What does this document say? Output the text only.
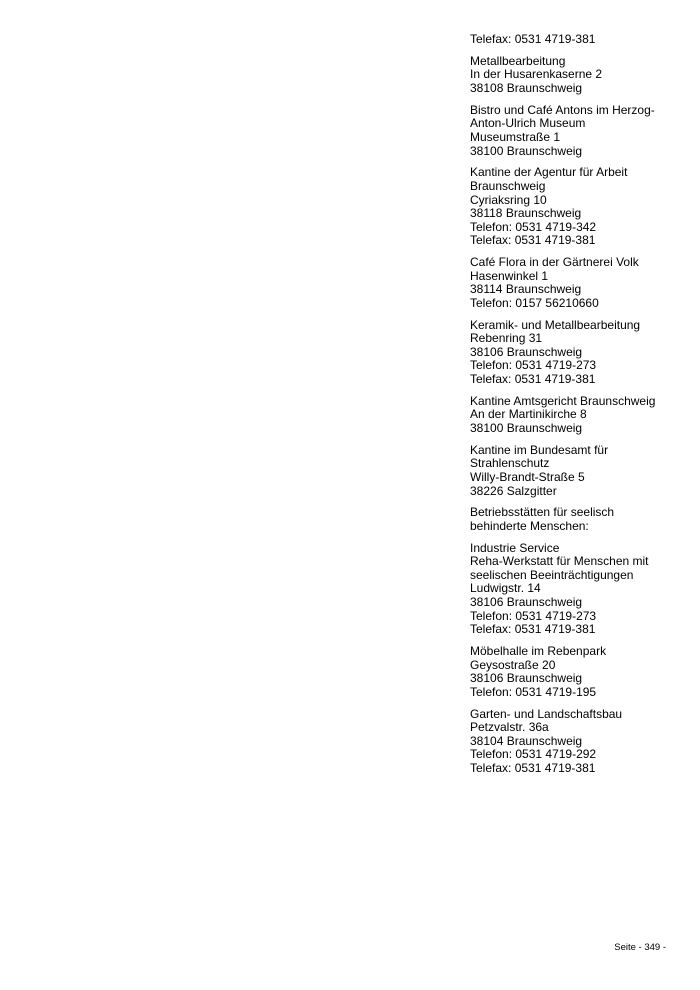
Telefax: 0531 4719-381
Metallbearbeitung
In der Husarenkaserne 2
38108 Braunschweig
Bistro und Café Antons im Herzog-
Anton-Ulrich Museum
Museumstraße 1
38100 Braunschweig
Kantine der Agentur für Arbeit
Braunschweig
Cyriaksring 10
38118 Braunschweig
Telefon: 0531 4719-342
Telefax: 0531 4719-381
Café Flora in der Gärtnerei Volk
Hasenwinkel 1
38114 Braunschweig
Telefon: 0157 56210660
Keramik- und Metallbearbeitung
Rebenring 31
38106 Braunschweig
Telefon: 0531 4719-273
Telefax: 0531 4719-381
Kantine Amtsgericht Braunschweig
An der Martinikirche 8
38100 Braunschweig
Kantine im Bundesamt für
Strahlenschutz
Willy-Brandt-Straße 5
38226 Salzgitter
Betriebsstätten für seelisch
behinderte Menschen:
Industrie Service
Reha-Werkstatt für Menschen mit
seelischen Beeinträchtigungen
Ludwigstr. 14
38106 Braunschweig
Telefon: 0531 4719-273
Telefax: 0531 4719-381
Möbelhalle im Rebenpark
Geysostraße 20
38106 Braunschweig
Telefon: 0531 4719-195
Garten- und Landschaftsbau
Petzvalstr. 36a
38104 Braunschweig
Telefon: 0531 4719-292
Telefax: 0531 4719-381
Seite - 349 -
